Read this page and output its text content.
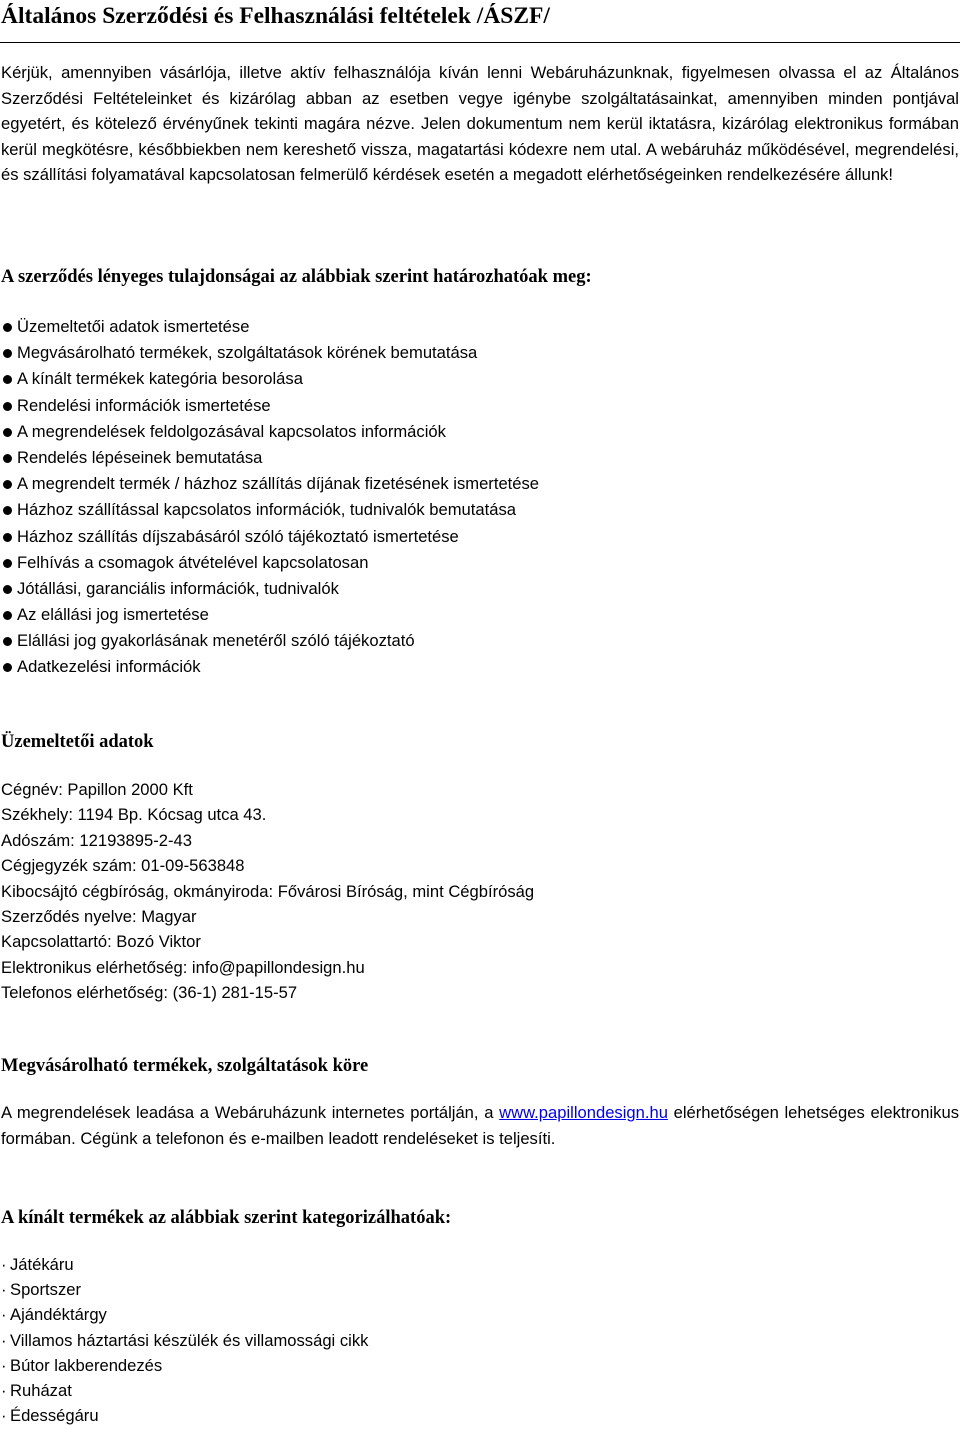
Általános Szerződési és Felhasználási feltételek /ÁSZF/

Kérjük, amennyiben vásárlója, illetve aktív felhasználója kíván lenni Webáruházunknak, figyelmesen olvassa el az Általános Szerződési Feltételeinket és kizárólag abban az esetben vegye igénybe szolgáltatásainkat, amennyiben minden pontjával egyetért, és kötelező érvényűnek tekinti magára nézve. Jelen dokumentum nem kerül iktatásra, kizárólag elektronikus formában kerül megkötésre, későbbiekben nem kereshető vissza, magatartási kódexre nem utal. A webáruház működésével, megrendelési, és szállítási folyamatával kapcsolatosan felmerülő kérdések esetén a megadott elérhetőségeinken rendelkezésére állunk!

A szerződés lényeges tulajdonságai az alábbiak szerint határozhatóak meg:
Üzemeltetői adatok ismertetése
Megvásárolható termékek, szolgáltatások körének bemutatása
A kínált termékek kategória besorolása
Rendelési információk ismertetése
A megrendelések feldolgozásával kapcsolatos információk
Rendelés lépéseinek bemutatása
A megrendelt termék / házhoz szállítás díjának fizetésének ismertetése
Házhoz szállítással kapcsolatos információk, tudnivalók bemutatása
Házhoz szállítás díjszabásáról szóló tájékoztató ismertetése
Felhívás a csomagok átvételével kapcsolatosan
Jótállási, garanciális információk, tudnivalók
Az elállási jog ismertetése
Elállási jog gyakorlásának menetéről szóló tájékoztató
Adatkezelési információk
Üzemeltetői adatok
Cégnév: Papillon 2000 Kft
Székhely: 1194 Bp. Kócsag utca 43.
Adószám: 12193895-2-43
Cégjegyzék szám: 01-09-563848
Kibocsájtó cégbíróság, okmányiroda: Fővárosi Bíróság, mint Cégbíróság
Szerződés nyelve: Magyar
Kapcsolattartó: Bozó Viktor
Elektronikus elérhetőség: info@papillondesign.hu
Telefonos elérhetőség: (36-1) 281-15-57
Megvásárolható termékek, szolgáltatások köre

A megrendelések leadása a Webáruházunk internetes portálján, a www.papillondesign.hu elérhetőségen lehetséges elektronikus formában. Cégünk a telefonon és e-mailben leadott rendeléseket is teljesíti.

A kínált termékek az alábbiak szerint kategorizálhatóak:
· Játékáru
· Sportszer
· Ajándéktárgy
· Villamos háztartási készülék és villamossági cikk
· Bútor lakberendezés
· Ruházat
· Édességáru
